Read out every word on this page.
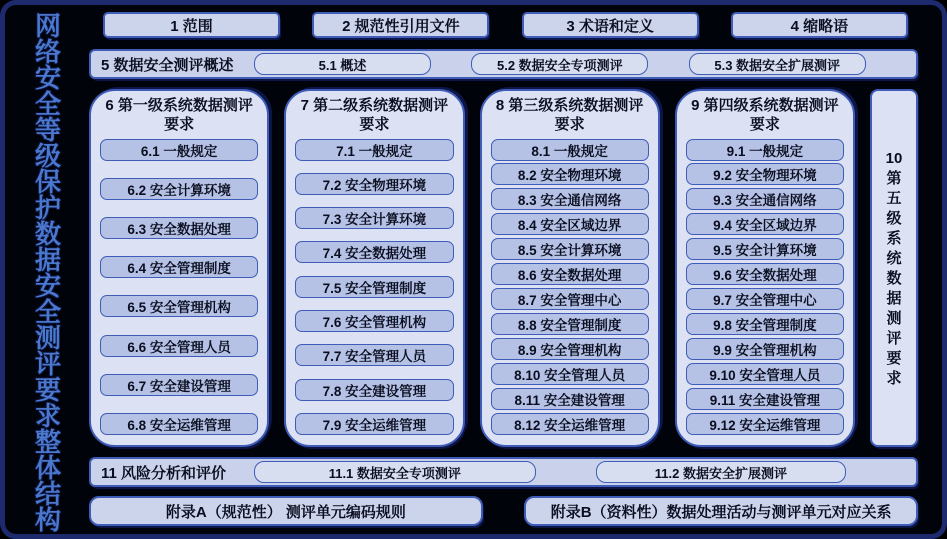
网
络
安
全
等
级
保
护
数
据
安
全
测
评
要
求
整
体
结
构
1 范围	2 规范性引用文件	3 术语和定义	4 缩略语
5 数据安全测评概述	5.1 概述	5.2 数据安全专项测评	5.3 数据安全扩展测评
6 第一级系统数据测评要求
6.1 一般规定
6.2 安全计算环境
6.3 安全数据处理
6.4 安全管理制度
6.5 安全管理机构
6.6 安全管理人员
6.7 安全建设管理
6.8 安全运维管理
7 第二级系统数据测评要求
7.1 一般规定
7.2 安全物理环境
7.3 安全计算环境
7.4 安全数据处理
7.5 安全管理制度
7.6 安全管理机构
7.7 安全管理人员
7.8 安全建设管理
7.9 安全运维管理
8 第三级系统数据测评要求
8.1 一般规定
8.2 安全物理环境
8.3 安全通信网络
8.4 安全区域边界
8.5 安全计算环境
8.6 安全数据处理
8.7 安全管理中心
8.8 安全管理制度
8.9 安全管理机构
8.10 安全管理人员
8.11 安全建设管理
8.12 安全运维管理
9 第四级系统数据测评要求
9.1 一般规定
9.2 安全物理环境
9.3 安全通信网络
9.4 安全区域边界
9.5 安全计算环境
9.6 安全数据处理
9.7 安全管理中心
9.8 安全管理制度
9.9 安全管理机构
9.10 安全管理人员
9.11 安全建设管理
9.12 安全运维管理
10
第
五
级
系
统
数
据
测
评
要
求
11 风险分析和评价	11.1 数据安全专项测评	11.2 数据安全扩展测评
附录A（规范性） 测评单元编码规则	附录B（资料性）数据处理活动与测评单元对应关系
